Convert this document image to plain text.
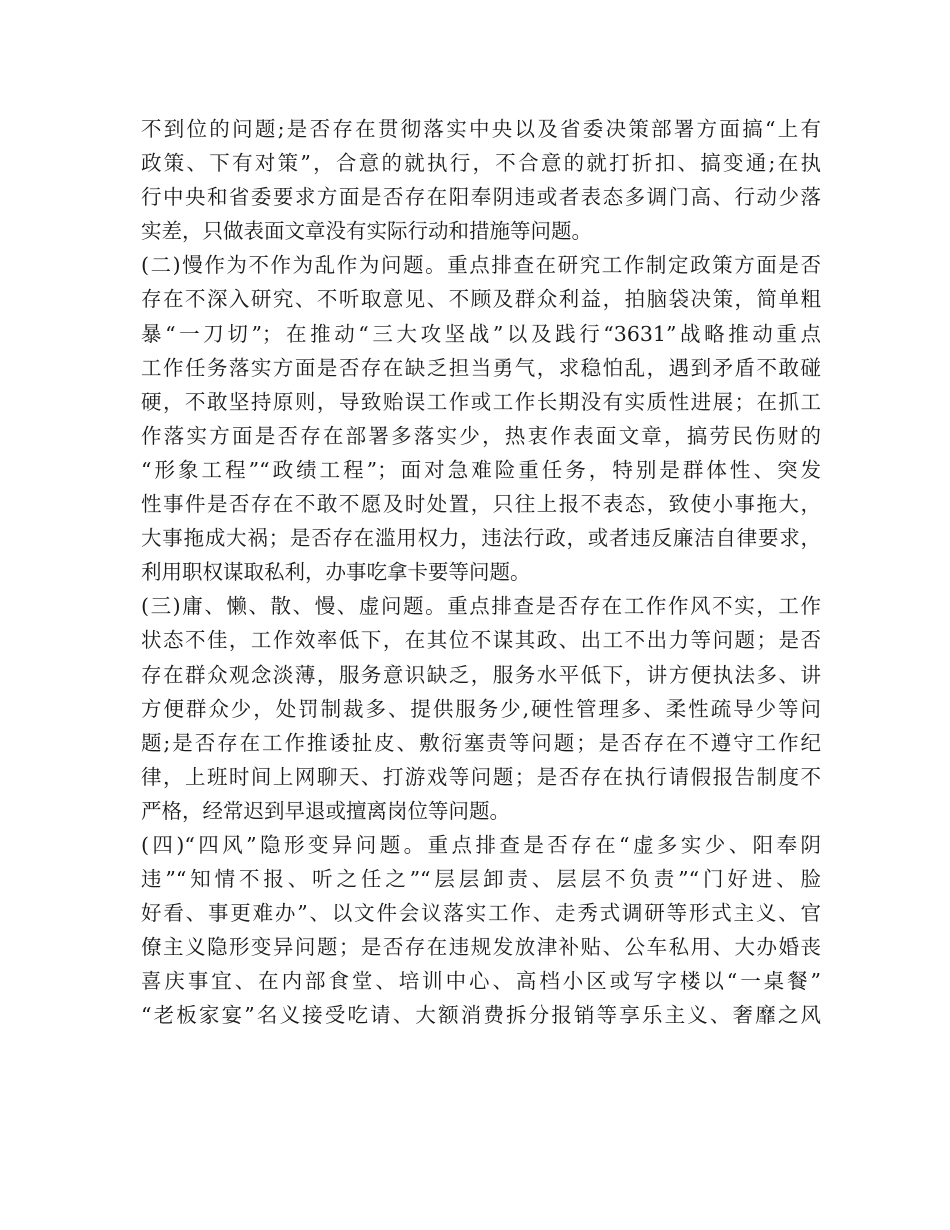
不到位的问题;是否存在贯彻落实中央以及省委决策部署方面搞“上有
政策、下有对策”，合意的就执行，不合意的就打折扣、搞变通;在执
行中央和省委要求方面是否存在阳奉阴违或者表态多调门高、行动少落
实差，只做表面文章没有实际行动和措施等问题。
(二)慢作为不作为乱作为问题。重点排查在研究工作制定政策方面是否
存在不深入研究、不听取意见、不顾及群众利益，拍脑袋决策，简单粗
暴“一刀切”；在推动“三大攻坚战”以及践行“3631”战略推动重点
工作任务落实方面是否存在缺乏担当勇气，求稳怕乱，遇到矛盾不敢碰
硬，不敢坚持原则，导致贻误工作或工作长期没有实质性进展；在抓工
作落实方面是否存在部署多落实少，热衷作表面文章，搞劳民伤财的
“形象工程”“政绩工程”；面对急难险重任务，特别是群体性、突发
性事件是否存在不敢不愿及时处置，只往上报不表态，致使小事拖大，
大事拖成大祸；是否存在滥用权力，违法行政，或者违反廉洁自律要求，
利用职权谋取私利，办事吃拿卡要等问题。
(三)庸、懒、散、慢、虚问题。重点排查是否存在工作作风不实，工作
状态不佳，工作效率低下，在其位不谋其政、出工不出力等问题；是否
存在群众观念淡薄，服务意识缺乏，服务水平低下，讲方便执法多、讲
方便群众少，处罚制裁多、提供服务少,硬性管理多、柔性疏导少等问
题;是否存在工作推诿扯皮、敷衍塞责等问题；是否存在不遵守工作纪
律，上班时间上网聊天、打游戏等问题；是否存在执行请假报告制度不
严格，经常迟到早退或擅离岗位等问题。
(四)“四风”隐形变异问题。重点排查是否存在“虚多实少、阳奉阴
违”“知情不报、听之任之”“层层卸责、层层不负责”“门好进、脸
好看、事更难办”、以文件会议落实工作、走秀式调研等形式主义、官
僚主义隐形变异问题；是否存在违规发放津补贴、公车私用、大办婚丧
喜庆事宜、在内部食堂、培训中心、高档小区或写字楼以“一桌餐”
“老板家宴”名义接受吃请、大额消费拆分报销等享乐主义、奢靡之风
